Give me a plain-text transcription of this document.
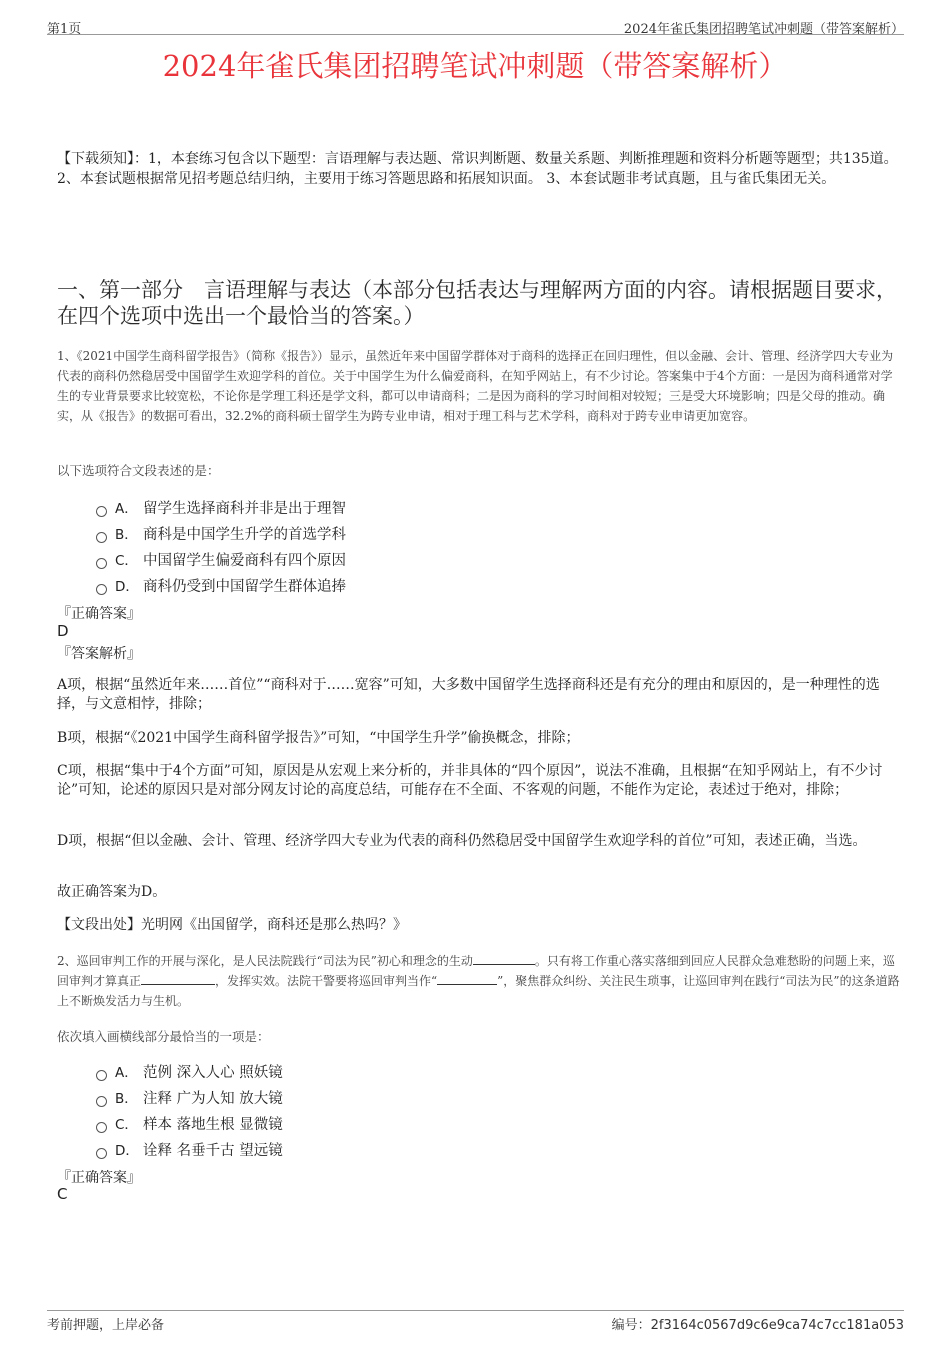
第1页	2024年雀氏集团招聘笔试冲刺题（带答案解析）
2024年雀氏集团招聘笔试冲刺题（带答案解析）
【下载须知】：1，本套练习包含以下题型：言语理解与表达题、常识判断题、数量关系题、判断推理题和资料分析题等题型；共135道。 2、本套试题根据常见招考题总结归纳，主要用于练习答题思路和拓展知识面。 3、本套试题非考试真题，且与雀氏集团无关。
一、第一部分　言语理解与表达（本部分包括表达与理解两方面的内容。请根据题目要求，在四个选项中选出一个最恰当的答案。）
1、《2021中国学生商科留学报告》（简称《报告》）显示，虽然近年来中国留学群体对于商科的选择正在回归理性，但以金融、会计、管理、经济学四大专业为代表的商科仍然稳居受中国留学生欢迎学科的首位。关于中国学生为什么偏爱商科，在知乎网站上，有不少讨论。答案集中于4个方面：一是因为商科通常对学生的专业背景要求比较宽松，不论你是学理工科还是学文科，都可以申请商科；二是因为商科的学习时间相对较短；三是受大环境影响；四是父母的推动。确实，从《报告》的数据可看出，32.2%的商科硕士留学生为跨专业申请，相对于理工科与艺术学科，商科对于跨专业申请更加宽容。
以下选项符合文段表述的是：
A． 留学生选择商科并非是出于理智
B． 商科是中国学生升学的首选学科
C． 中国留学生偏爱商科有四个原因
D． 商科仍受到中国留学生群体追捧
『正确答案』
D
『答案解析』
A项，根据“虽然近年来……首位”“商科对于……宽容”可知，大多数中国留学生选择商科还是有充分的理由和原因的，是一种理性的选择，与文意相悖，排除；
B项，根据“《2021中国学生商科留学报告》”可知，“中国学生升学”偷换概念，排除；
C项，根据“集中于4个方面”可知，原因是从宏观上来分析的，并非具体的“四个原因”，说法不准确，且根据“在知乎网站上，有不少讨论”可知，论述的原因只是对部分网友讨论的高度总结，可能存在不全面、不客观的问题，不能作为定论，表述过于绝对，排除；
D项，根据“但以金融、会计、管理、经济学四大专业为代表的商科仍然稳居受中国留学生欢迎学科的首位”可知，表述正确，当选。
故正确答案为D。
【文段出处】光明网《出国留学，商科还是那么热吗？》
2、巡回审判工作的开展与深化，是人民法院践行“司法为民”初心和理念的生动	。只有将工作重心落实落细到回应人民群众急难愁盼的问题上来，巡回审判才算真正	，发挥实效。法院干警要将巡回审判当作“	”，聚焦群众纠纷、关注民生琐事，让巡回审判在践行“司法为民”的这条道路上不断焕发活力与生机。
依次填入画横线部分最恰当的一项是：
A． 范例 深入人心 照妖镜
B． 注释 广为人知 放大镜
C． 样本 落地生根 显微镜
D． 诠释 名垂千古 望远镜
『正确答案』
C
考前押题，上岸必备	编号：2f3164c0567d9c6e9ca74c7cc181a053
